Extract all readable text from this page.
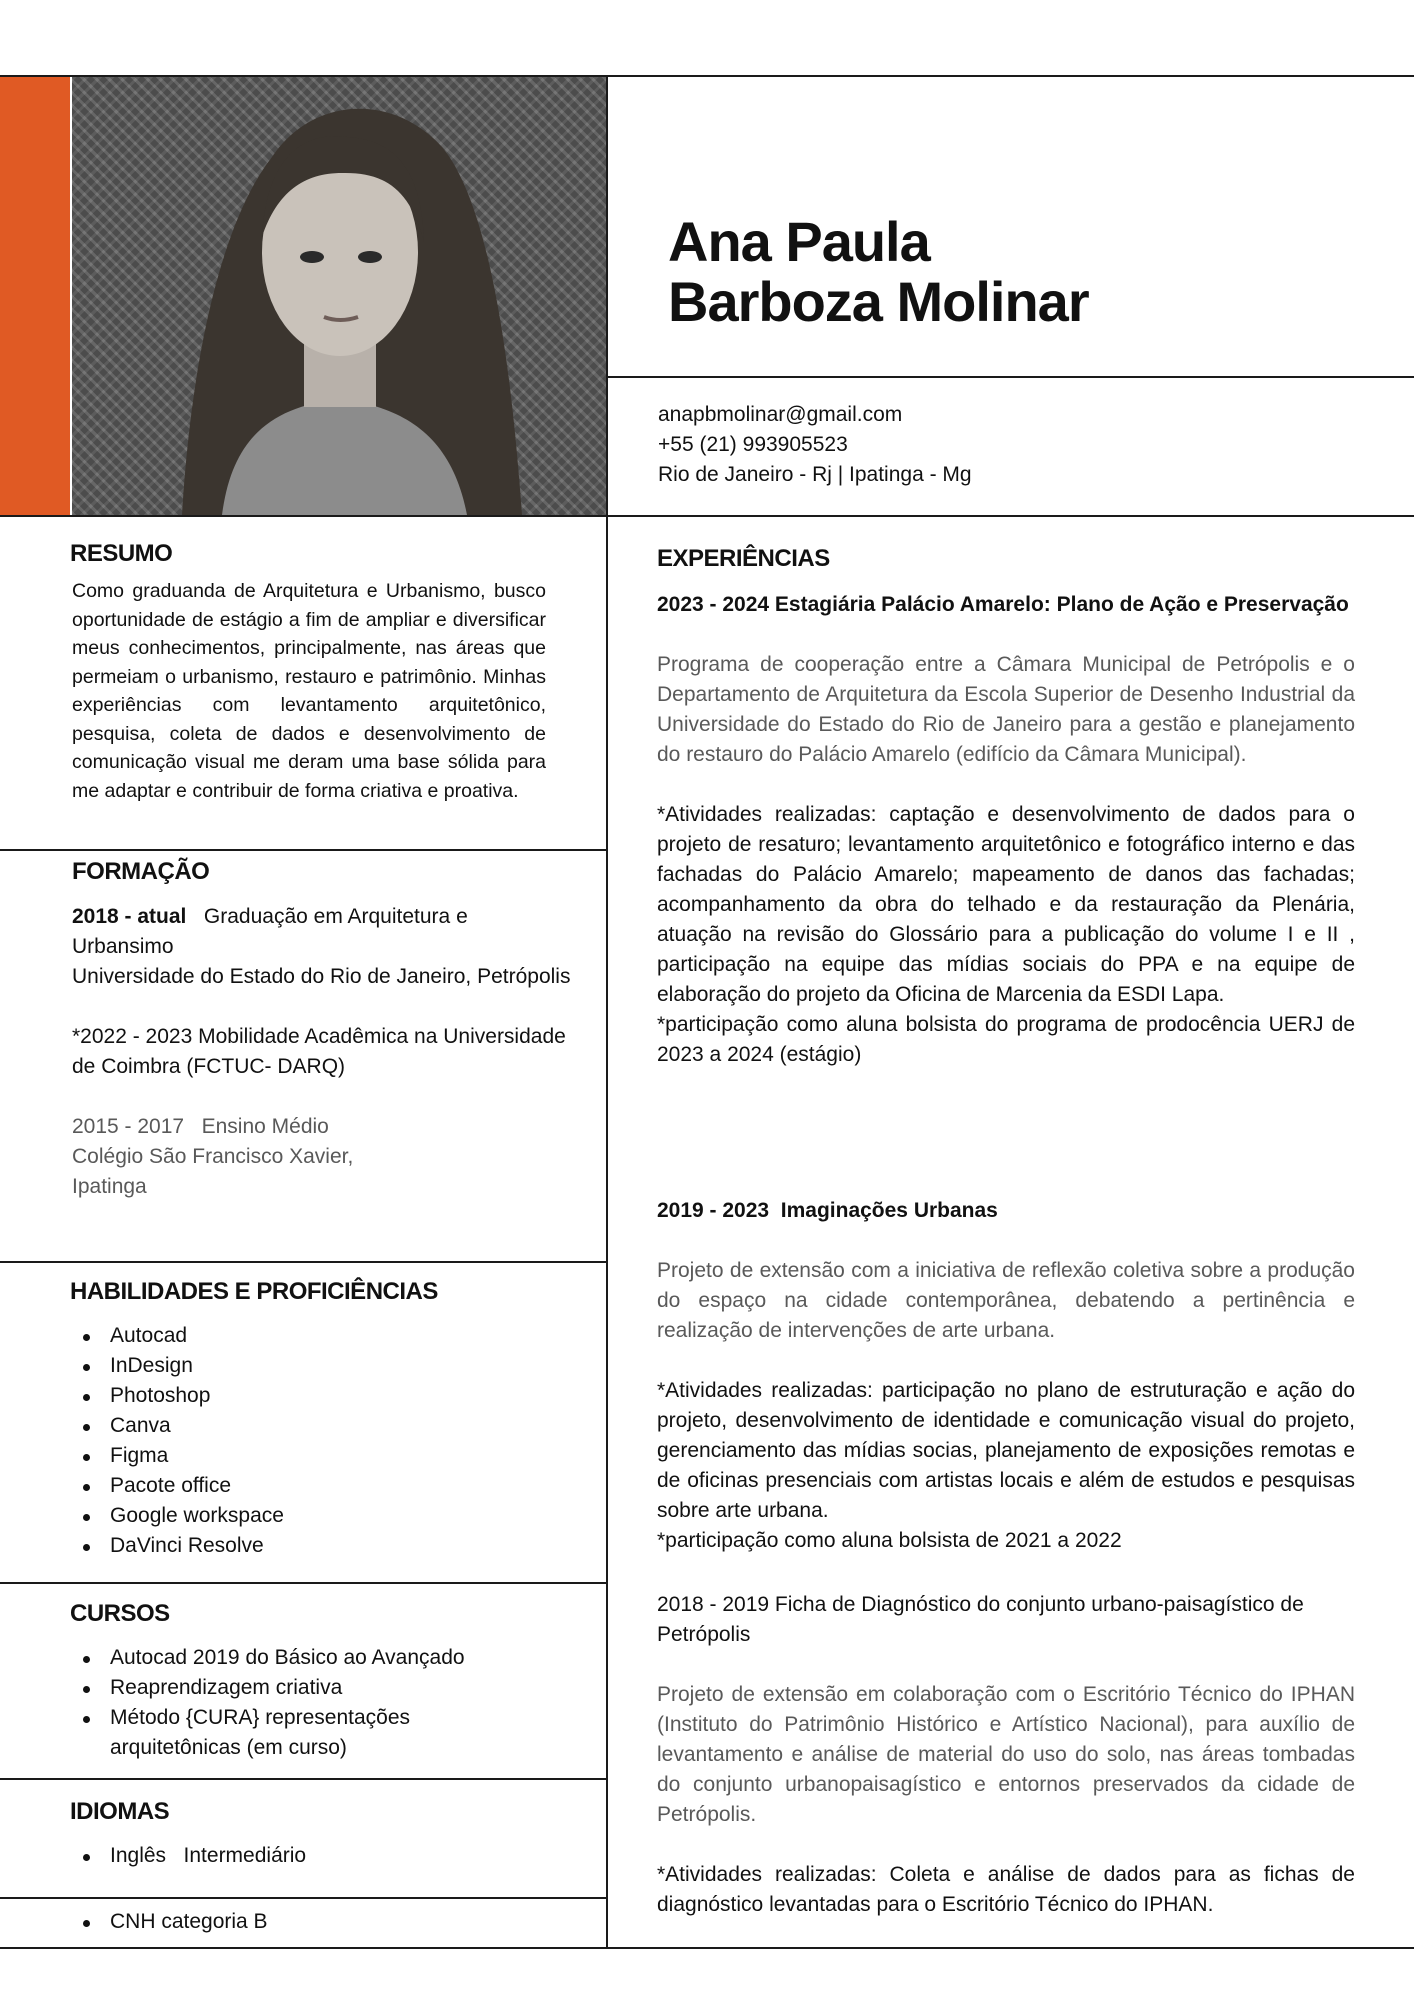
Ana Paula
Barboza Molinar
anapbmolinar@gmail.com
+55 (21) 993905523
Rio de Janeiro - Rj | Ipatinga - Mg
RESUMO
Como graduanda de Arquitetura e Urbanismo, busco oportunidade de estágio a fim de ampliar e diversificar meus conhecimentos, principalmente, nas áreas que permeiam o urbanismo, restauro e patrimônio. Minhas experiências com levantamento arquitetônico, pesquisa, coleta de dados e desenvolvimento de comunicação visual me deram uma base sólida para me adaptar e contribuir de forma criativa e proativa.
FORMAÇÃO

2018 - atual Graduação em Arquitetura e Urbansimo

Universidade do Estado do Rio de Janeiro, Petrópolis

*2022 - 2023 Mobilidade Acadêmica na Universidade de Coimbra (FCTUC- DARQ)

2015 - 2017   Ensino Médio

Colégio São Francisco Xavier,

Ipatinga

HABILIDADES E PROFICIÊNCIAS
Autocad
InDesign
Photoshop
Canva
Figma
Pacote office
Google workspace
DaVinci Resolve
CURSOS
Autocad 2019 do Básico ao Avançado
Reaprendizagem criativa
Método {CURA} representações arquitetônicas (em curso)
IDIOMAS
Inglês   Intermediário
CNH categoria B
EXPERIÊNCIAS

2023 - 2024 Estagiária Palácio Amarelo: Plano de Ação e Preservação

Programa de cooperação entre a Câmara Municipal de Petrópolis e o Departamento de Arquitetura da Escola Superior de Desenho Industrial da Universidade do Estado do Rio de Janeiro para a gestão e planejamento do restauro do Palácio Amarelo (edifício da Câmara Municipal).

*Atividades realizadas: captação e desenvolvimento de dados para o projeto de resaturo; levantamento arquitetônico e fotográfico interno e das fachadas do Palácio Amarelo; mapeamento de danos das fachadas; acompanhamento da obra do telhado e da restauração da Plenária, atuação na revisão do Glossário para a publicação do volume I e II , participação na equipe das mídias sociais do PPA e na equipe de elaboração do projeto da Oficina de Marcenia da ESDI Lapa.

*participação como aluna bolsista do programa de prodocência UERJ de 2023 a 2024 (estágio)

2019 - 2023  Imaginações Urbanas

Projeto de extensão com a iniciativa de reflexão coletiva sobre a produção do espaço na cidade contemporânea, debatendo a pertinência e realização de intervenções de arte urbana.

*Atividades realizadas: participação no plano de estruturação e ação do projeto, desenvolvimento de identidade e comunicação visual do projeto, gerenciamento das mídias socias, planejamento de exposições remotas e de oficinas presenciais com artistas locais e além de estudos e pesquisas sobre arte urbana.

*participação como aluna bolsista de 2021 a 2022

2018 - 2019 Ficha de Diagnóstico do conjunto urbano-paisagístico de Petrópolis

Projeto de extensão em colaboração com o Escritório Técnico do IPHAN (Instituto do Patrimônio Histórico e Artístico Nacional), para auxílio de levantamento e análise de material do uso do solo, nas áreas tombadas do conjunto urbanopaisagístico e entornos preservados da cidade de Petrópolis.

*Atividades realizadas: Coleta e análise de dados para as fichas de diagnóstico levantadas para o Escritório Técnico do IPHAN.
